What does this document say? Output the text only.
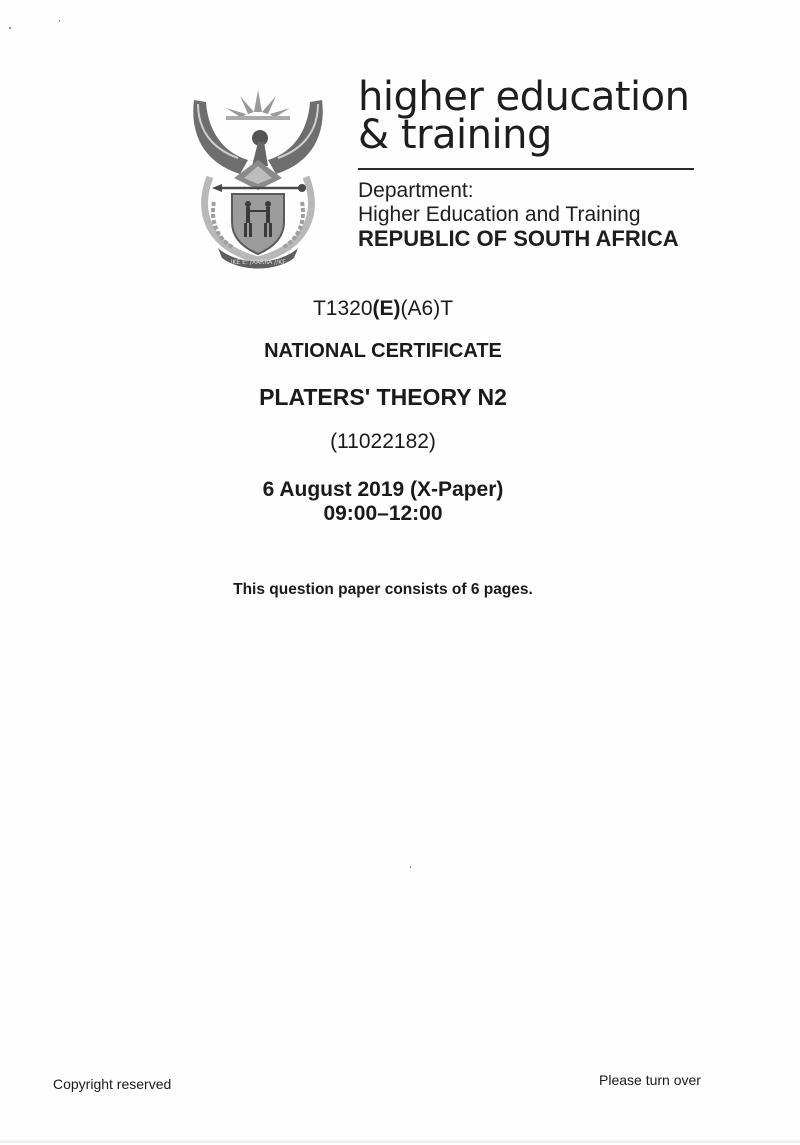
!KE E: /XARRA //KE
higher education
& training
Department:
Higher Education and Training
REPUBLIC OF SOUTH AFRICA
T1320(E)(A6)T
NATIONAL CERTIFICATE
PLATERS' THEORY N2
(11022182)
6 August 2019 (X-Paper)
09:00–12:00
This question paper consists of 6 pages.
Copyright reserved	Please turn over
